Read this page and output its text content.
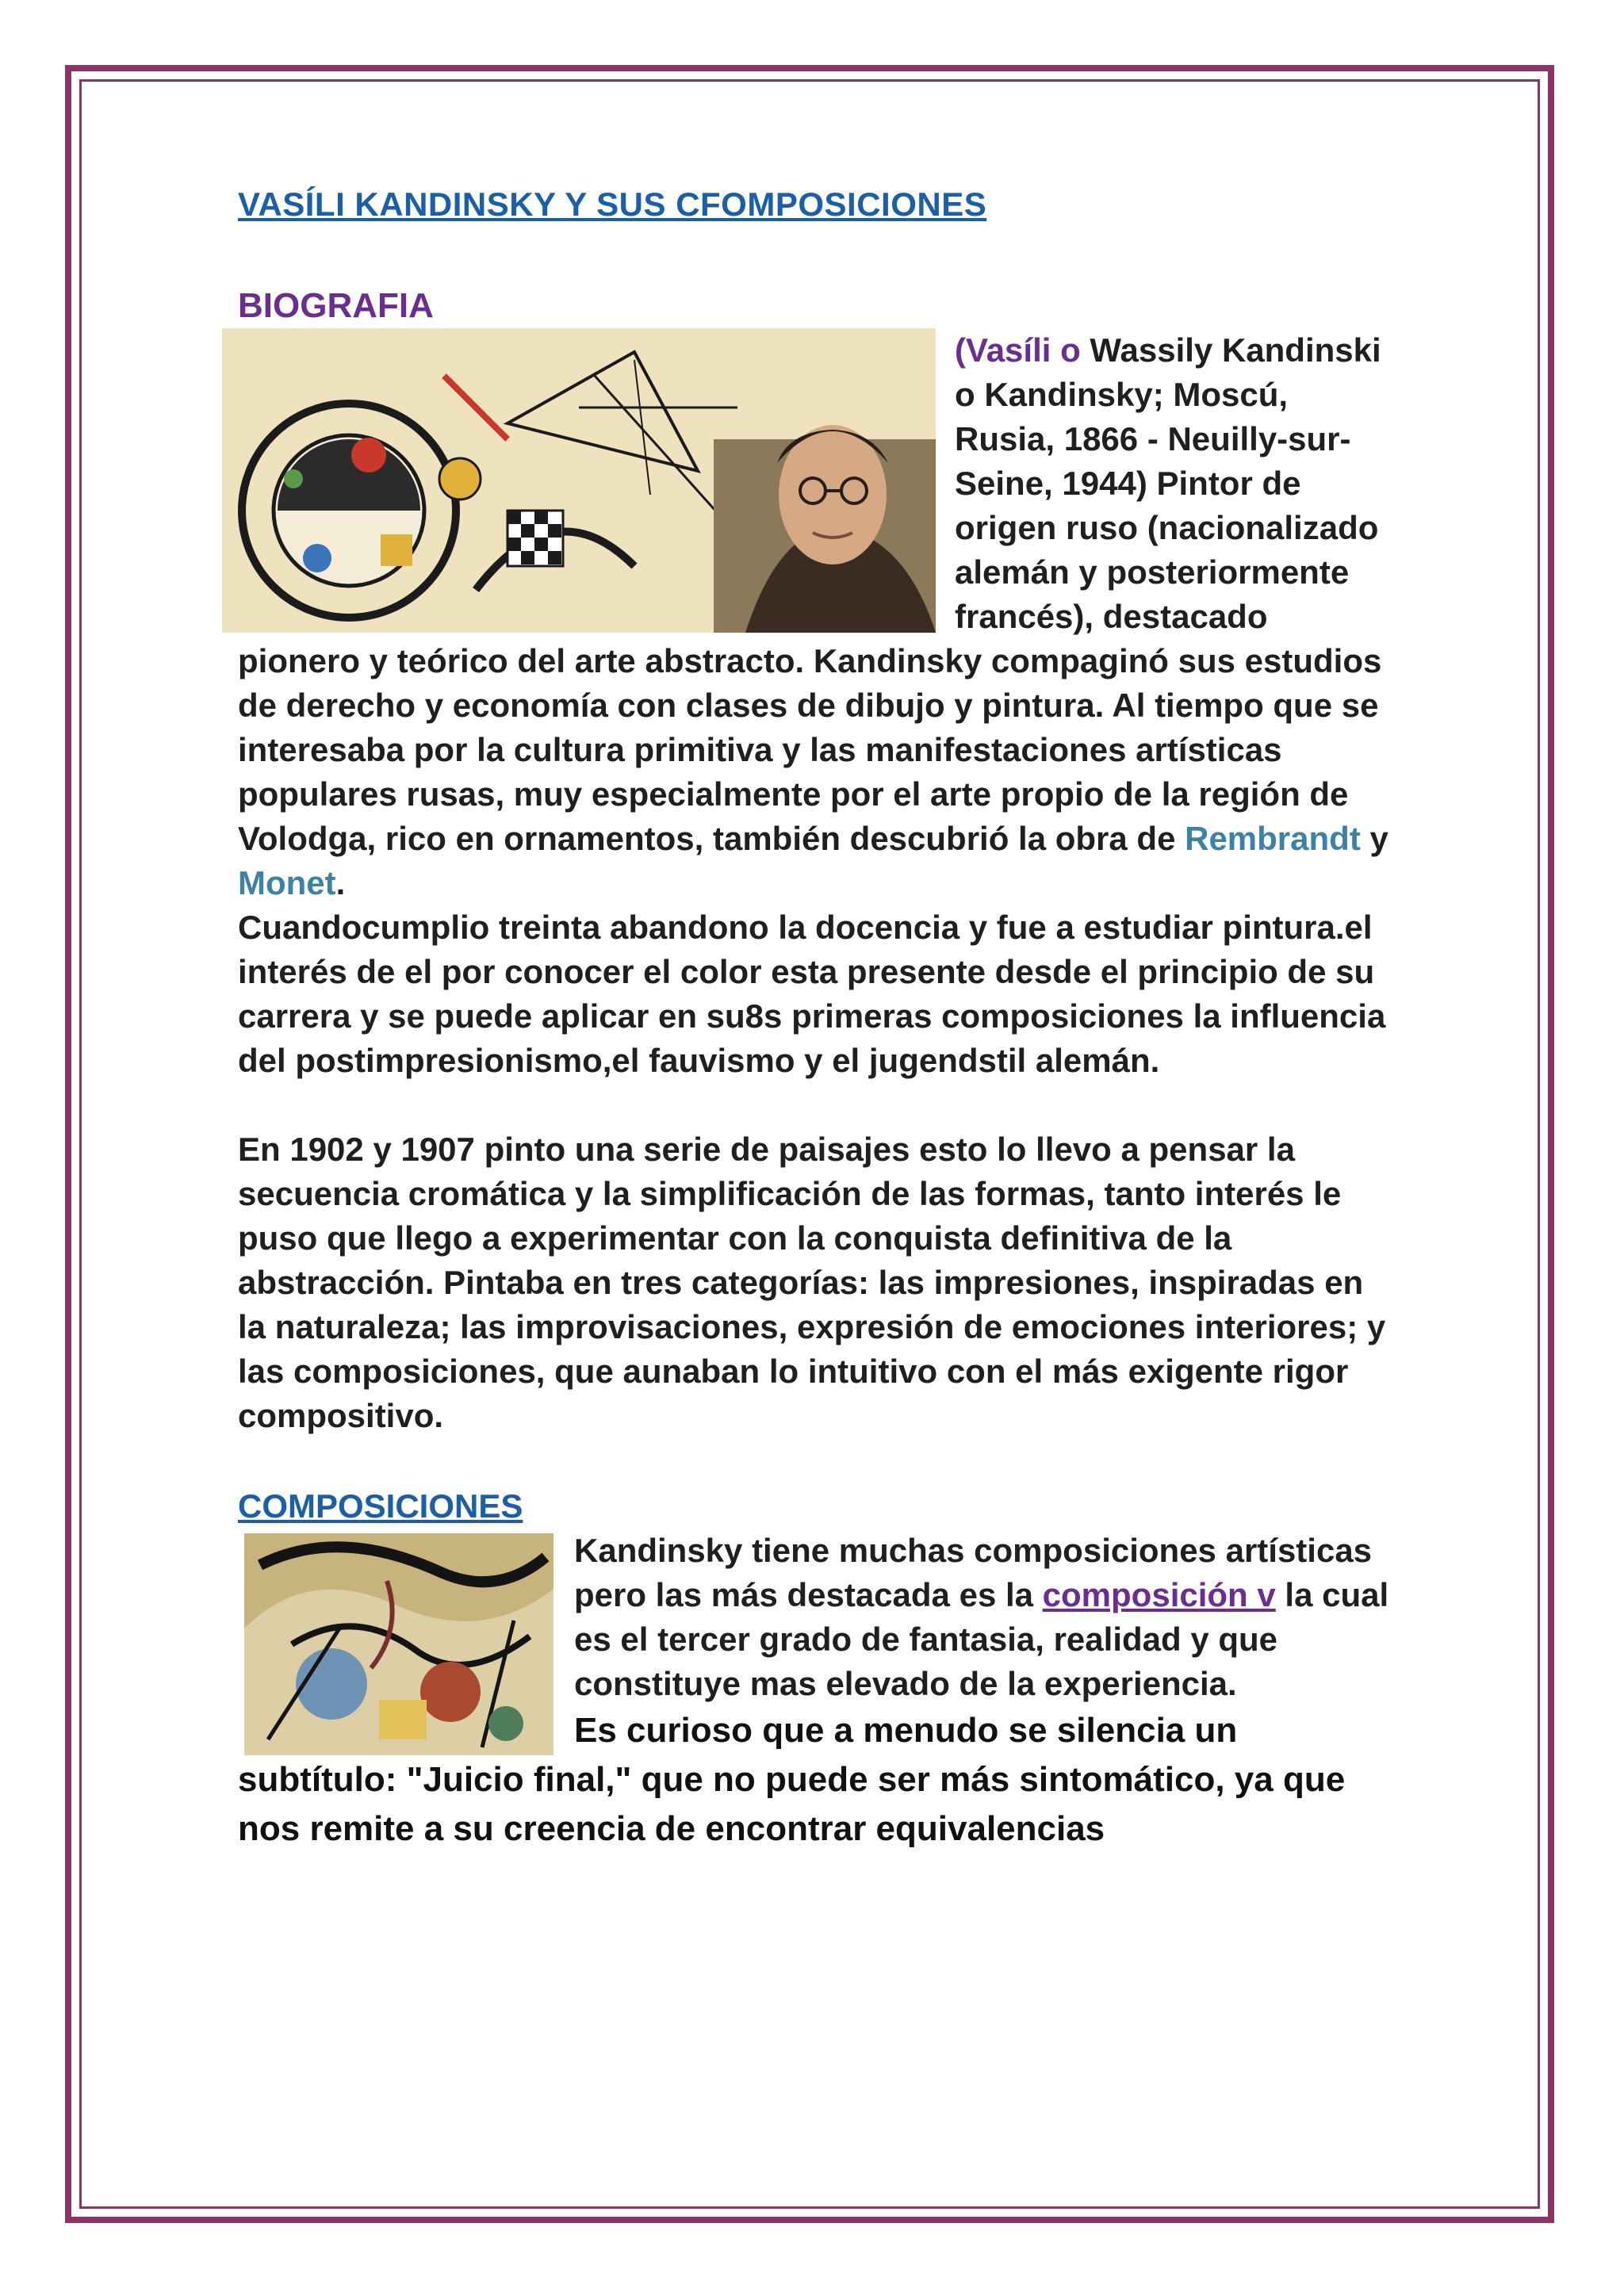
VASÍLI KANDINSKY Y SUS CFOMPOSICIONES

BIOGRAFIA

(Vasíli o
Wassily Kandinski o Kandinsky; Moscú, Rusia, 1866 - Neuilly-sur-Seine, 1944) Pintor de origen ruso (nacionalizado alemán y posteriormente francés), destacado pionero y teórico del arte abstracto. Kandinsky compaginó sus estudios de derecho y economía con clases de dibujo y pintura. Al tiempo que se interesaba por la cultura primitiva y las manifestaciones artísticas populares rusas, muy especialmente por el arte propio de la región de Volodga, rico en ornamentos, también descubrió la obra de Rembrandt y Monet.

Cuandocumplio treinta abandono la docencia y fue a estudiar pintura.el interés de el por conocer el color esta presente desde el principio de su carrera y se puede aplicar en su8s primeras composiciones la influencia del postimpresionismo,el fauvismo y el jugendstil alemán.

En 1902 y 1907 pinto una serie de paisajes esto lo llevo a pensar la secuencia cromática y la simplificación de las formas, tanto interés le puso que llego a experimentar con la conquista definitiva de la abstracción. Pintaba en tres categorías: las impresiones, inspiradas en la naturaleza; las improvisaciones, expresión de emociones interiores; y las composiciones, que aunaban lo intuitivo con el más exigente rigor compositivo.

COMPOSICIONES

Kandinsky tiene muchas composiciones artísticas pero las más destacada es la composición v la cual es el tercer grado de fantasia, realidad y que constituye mas elevado de la experiencia.
Es curioso que a menudo se silencia un subtítulo: "Juicio final," que no puede ser más sintomático, ya que nos remite a su creencia de encontrar equivalencias
